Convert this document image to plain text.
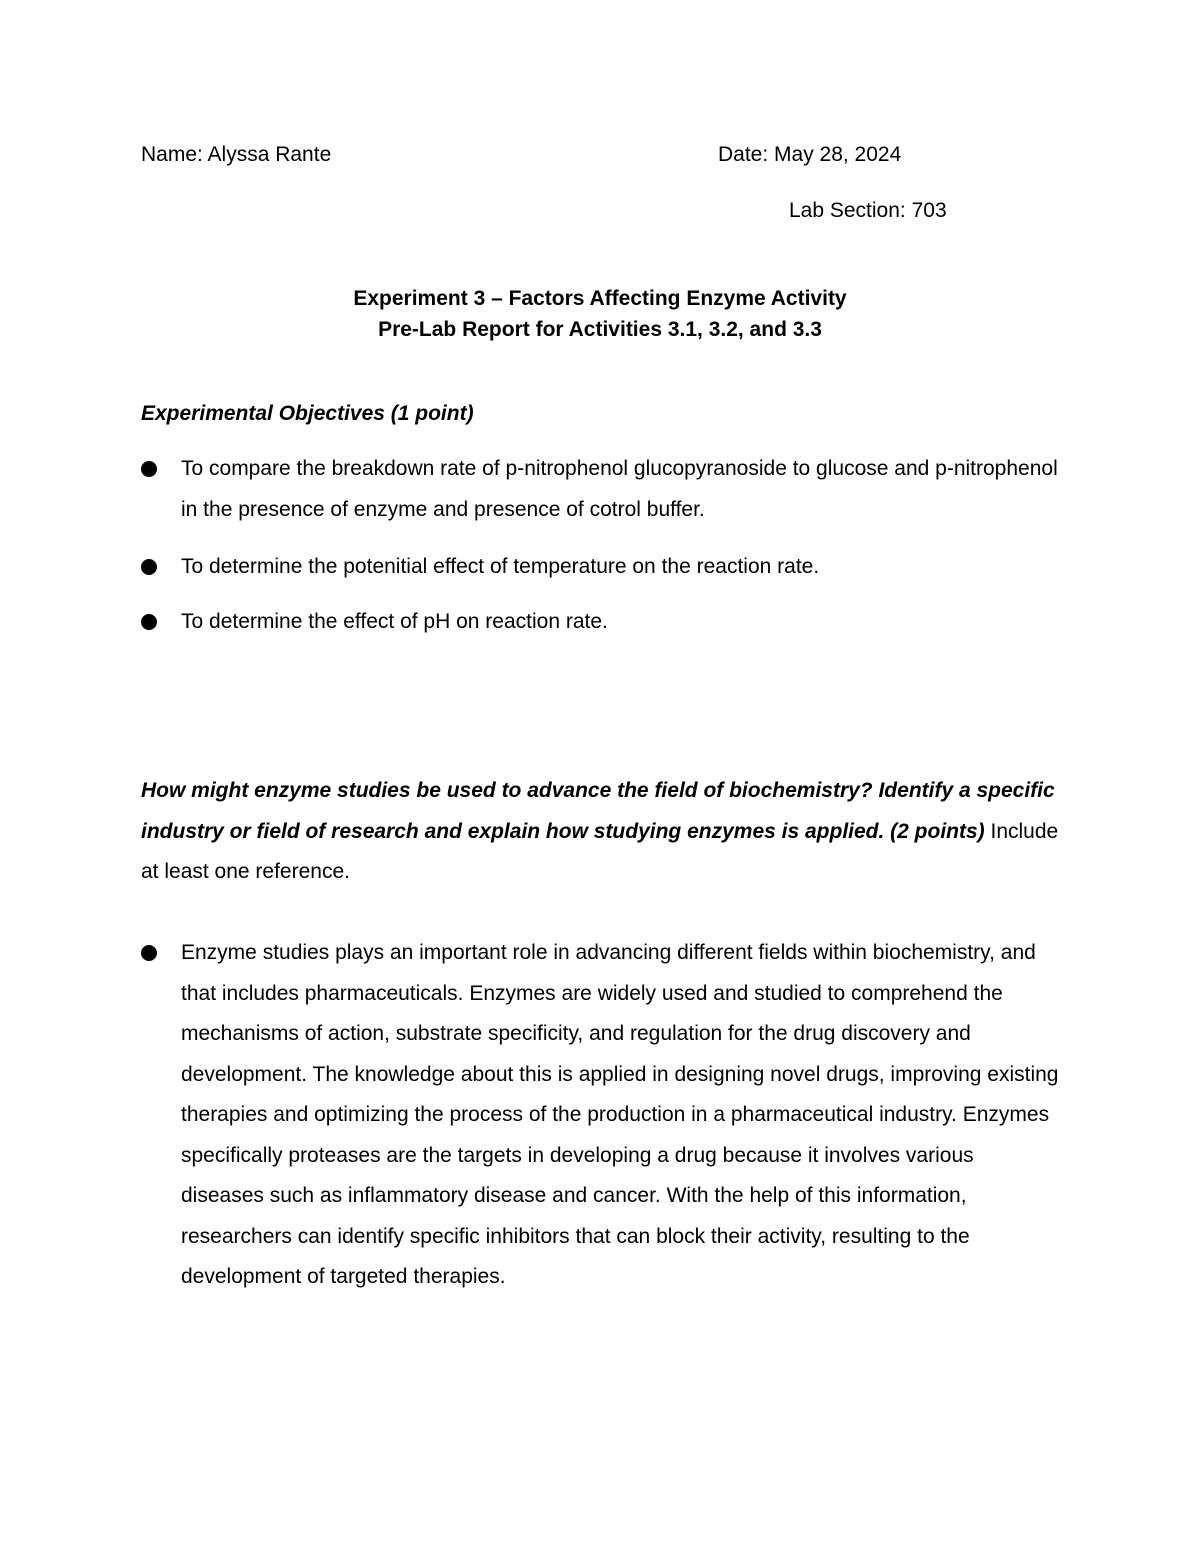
Name: Alyssa Rante	Date: May 28, 2024
Lab Section: 703
Experiment 3 – Factors Affecting Enzyme Activity
Pre-Lab Report for Activities 3.1, 3.2, and 3.3
Experimental Objectives (1 point)
To compare the breakdown rate of p-nitrophenol glucopyranoside to glucose and p-nitrophenol in the presence of enzyme and presence of cotrol buffer.
To determine the potenitial effect of temperature on the reaction rate.
To determine the effect of pH on reaction rate.
How might enzyme studies be used to advance the field of biochemistry? Identify a specific industry or field of research and explain how studying enzymes is applied. (2 points) Include at least one reference.
Enzyme studies plays an important role in advancing different fields within biochemistry, and that includes pharmaceuticals. Enzymes are widely used and studied to comprehend the mechanisms of action, substrate specificity, and regulation for the drug discovery and development. The knowledge about this is applied in designing novel drugs, improving existing therapies and optimizing the process of the production in a pharmaceutical industry. Enzymes specifically proteases are the targets in developing a drug because it involves various diseases such as inflammatory disease and cancer. With the help of this information, researchers can identify specific inhibitors that can block their activity, resulting to the development of targeted therapies.
